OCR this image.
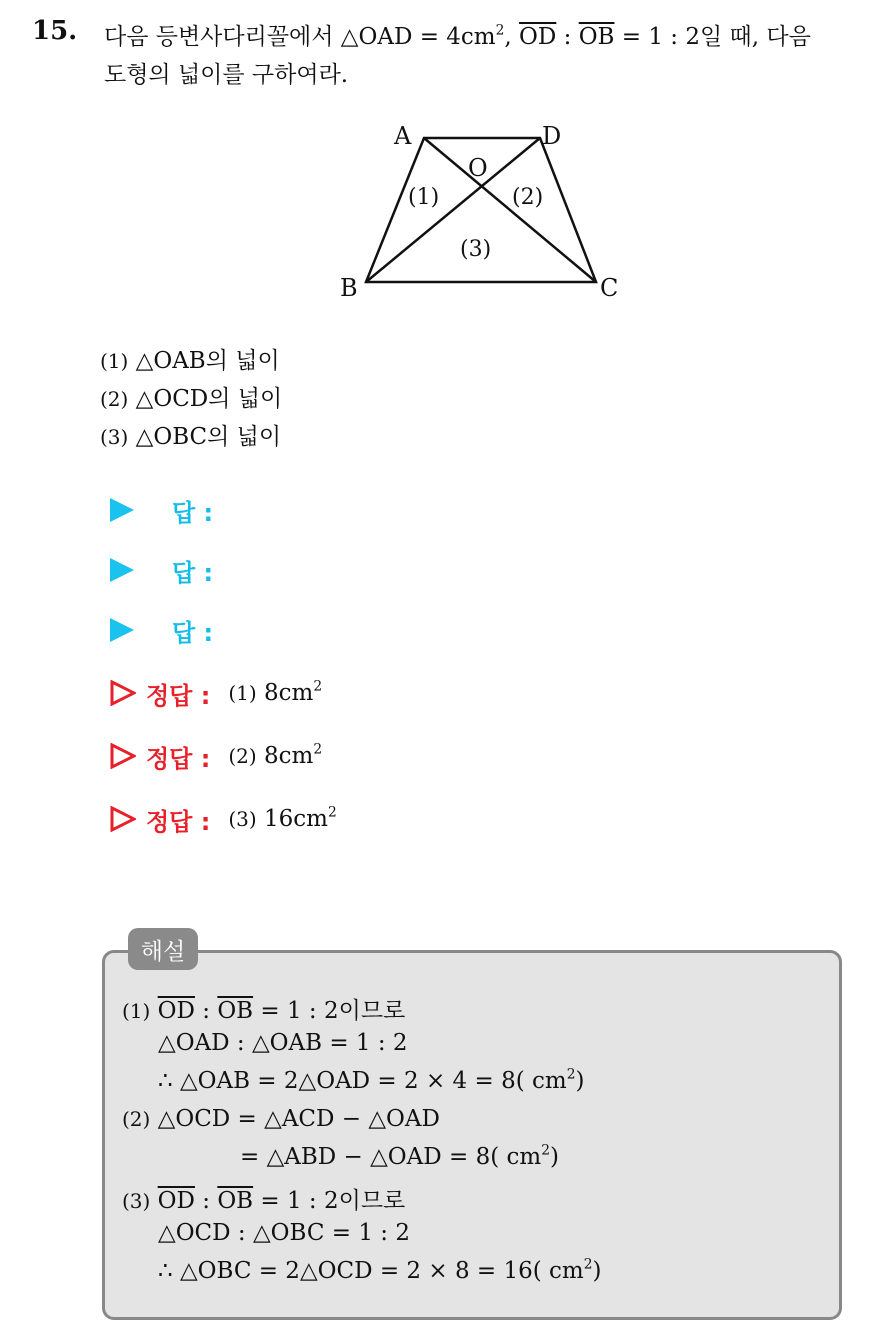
15. 다음 등변사다리꼴에서 △OAD = $4cm^2$, $\overline{OD}$ : $\overline{OB} = 1$ : 2일 때, 다음
도형의 넓이를 구하여라.
A	D
O
B	C
(1)	(2)
(3)
(1) △OAB의 넓이
(2) △OCD의 넓이
(3) △OBC의 넓이
답 :
답 :
답 :
정답 : (1) $8cm^2$
정답 : (2) $8cm^2$
정답 : (3) $16cm^2$
해설
(1) $\overline{OD}$ : $\overline{OB} = 1$ : 2이므로
△OAD : △OAB = 1 : 2
∴ △OAB = 2△OAD = 2 × 4 = 8( $cm^2$)
(2) △OCD = △ACD − △OAD
= △ABD − △OAD = 8( $cm^2$)
(3) $\overline{OD}$ : $\overline{OB} = 1$ : 2이므로
△OCD : △OBC = 1 : 2
∴ △OBC = 2△OCD = 2 × 8 = 16( $cm^2$)
